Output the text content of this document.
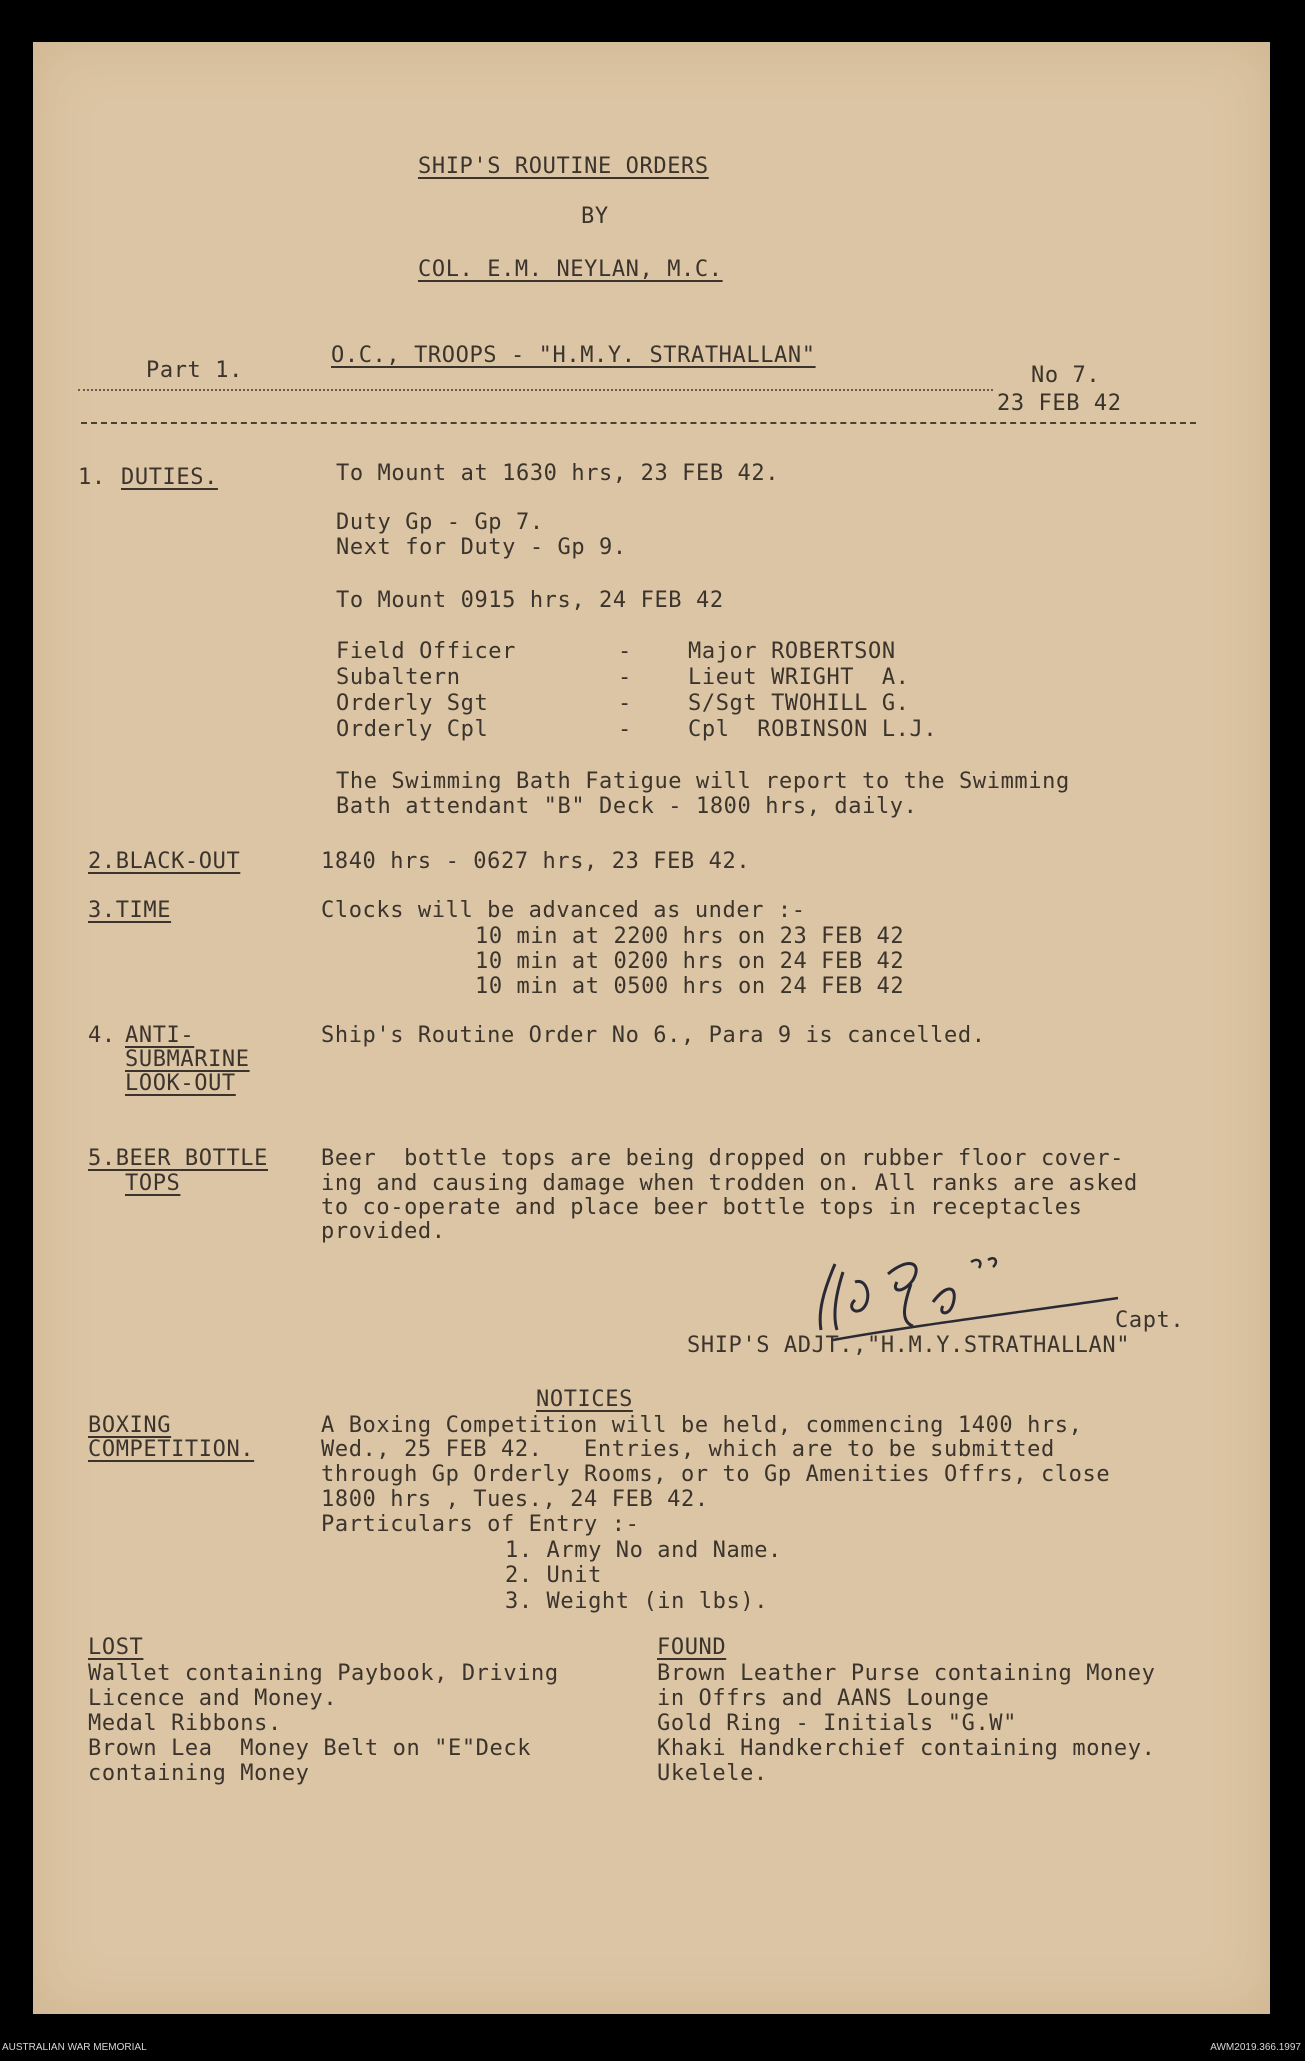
SHIP'S ROUTINE ORDERS
BY
COL. E.M. NEYLAN, M.C.
O.C., TROOPS - "H.M.Y. STRATHALLAN"
Part 1.	No 7.
23 FEB 42
1. DUTIES.	To Mount at 1630 hrs, 23 FEB 42.
Duty Gp - Gp 7.
Next for Duty - Gp 9.
To Mount 0915 hrs, 24 FEB 42
Field Officer	-	Major ROBERTSON
Subaltern	-	Lieut WRIGHT  A.
Orderly Sgt	-	S/Sgt TWOHILL G.
Orderly Cpl	-	Cpl  ROBINSON L.J.
The Swimming Bath Fatigue will report to the Swimming
Bath attendant "B" Deck - 1800 hrs, daily.
2.BLACK-OUT	1840 hrs - 0627 hrs, 23 FEB 42.
3.TIME	Clocks will be advanced as under :-
10 min at 2200 hrs on 23 FEB 42
10 min at 0200 hrs on 24 FEB 42
10 min at 0500 hrs on 24 FEB 42
4. ANTI-
SUBMARINE
LOOK-OUT
Ship's Routine Order No 6., Para 9 is cancelled.
5.BEER BOTTLE
TOPS
Beer  bottle tops are being dropped on rubber floor cover-
ing and causing damage when trodden on. All ranks are asked
to co-operate and place beer bottle tops in receptacles
provided.
Capt.
SHIP'S ADJT.,"H.M.Y.STRATHALLAN"
NOTICES
BOXING
COMPETITION.
A Boxing Competition will be held, commencing 1400 hrs,
Wed., 25 FEB 42.   Entries, which are to be submitted
through Gp Orderly Rooms, or to Gp Amenities Offrs, close
1800 hrs , Tues., 24 FEB 42.
Particulars of Entry :-
1. Army No and Name.
2. Unit
3. Weight (in lbs).
LOST
Wallet containing Paybook, Driving
Licence and Money.
Medal Ribbons.
Brown Lea  Money Belt on "E"Deck
containing Money
FOUND
Brown Leather Purse containing Money
in Offrs and AANS Lounge
Gold Ring - Initials "G.W"
Khaki Handkerchief containing money.
Ukelele.
AUSTRALIAN WAR MEMORIAL	AWM2019.366.1997
